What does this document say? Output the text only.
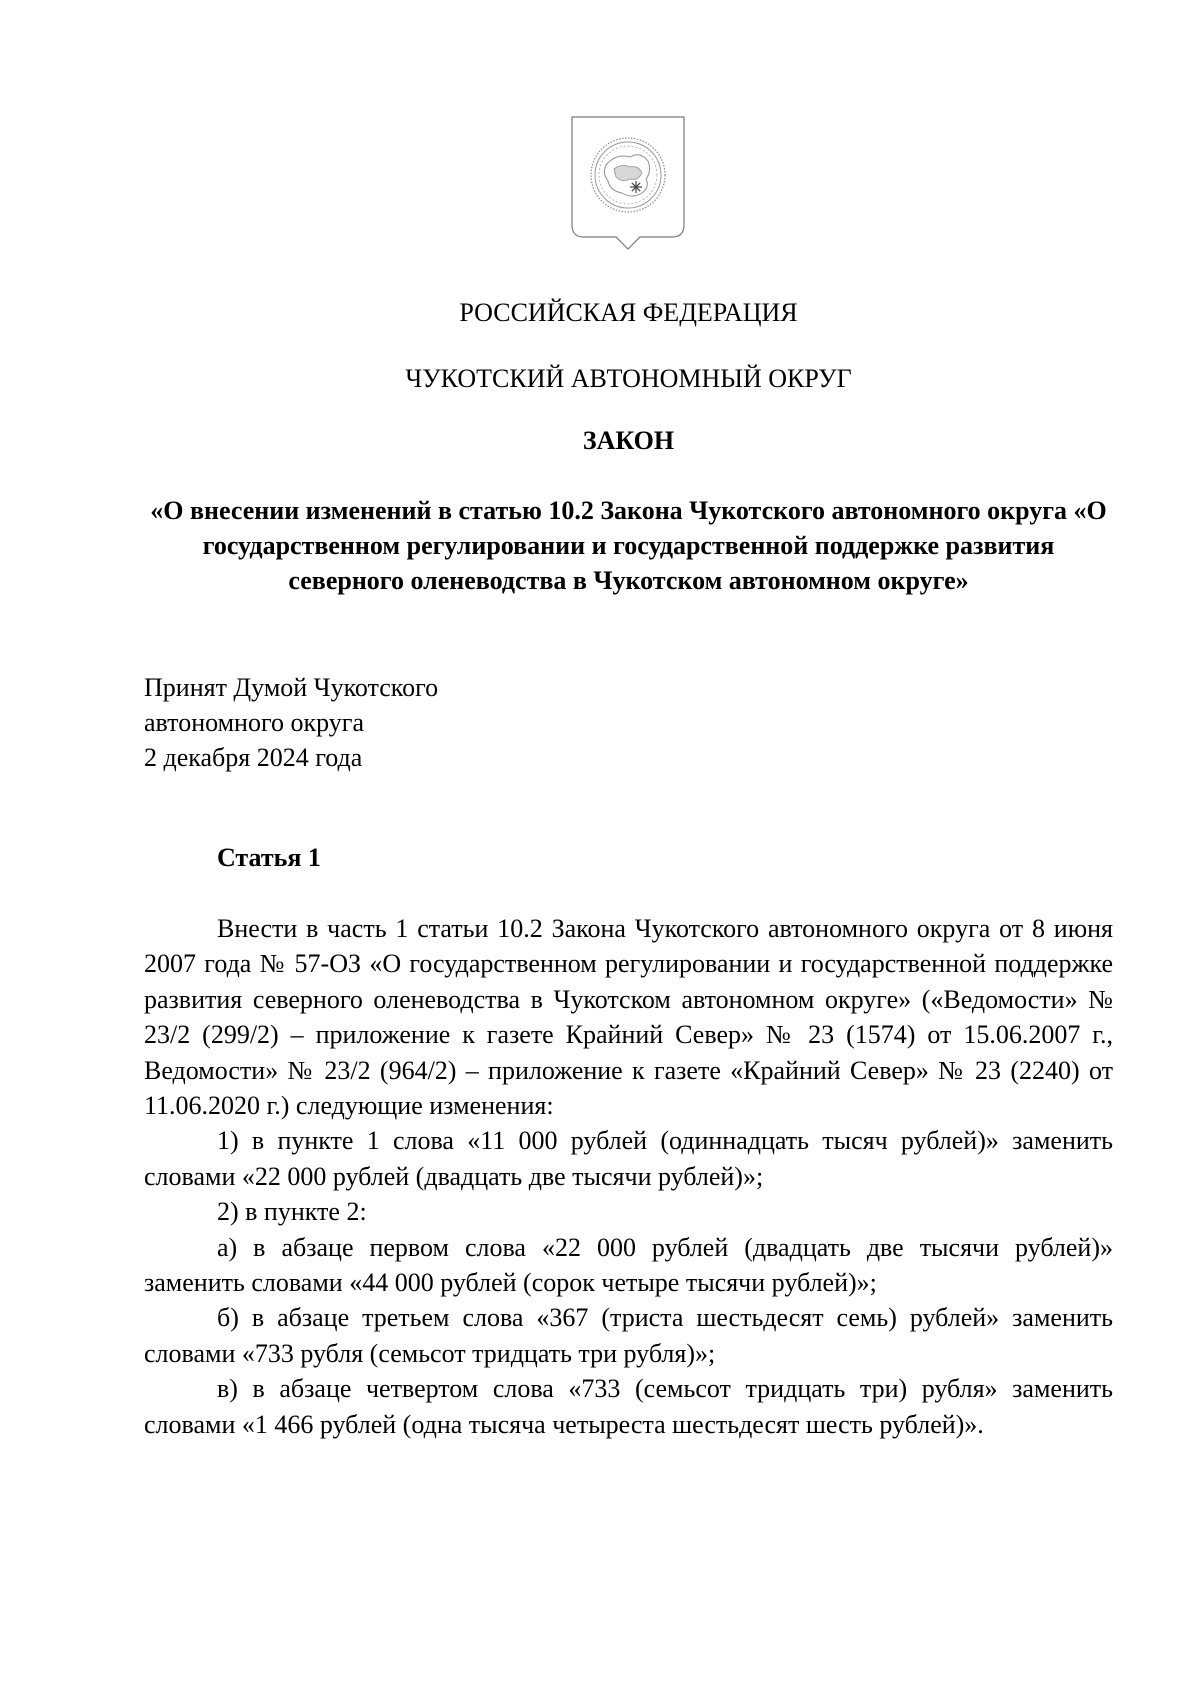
РОССИЙСКАЯ ФЕДЕРАЦИЯ
ЧУКОТСКИЙ АВТОНОМНЫЙ ОКРУГ
ЗАКОН
«О внесении изменений в статью 10.2 Закона Чукотского автономного округа «О государственном регулировании и государственной поддержке развития северного оленеводства в Чукотском автономном округе»
Принят Думой Чукотского
автономного округа
2 декабря 2024 года
Статья 1

Внести в часть 1 статьи 10.2 Закона Чукотского автономного округа от 8 июня 2007 года № 57-ОЗ «О государственном регулировании и государственной поддержке развития северного оленеводства в Чукотском автономном округе» («Ведомости» № 23/2 (299/2) – приложение к газете Крайний Север» № 23 (1574) от 15.06.2007 г., Ведомости» № 23/2 (964/2) – приложение к газете «Крайний Север» № 23 (2240) от 11.06.2020 г.) следующие изменения:

1) в пункте 1 слова «11 000 рублей (одиннадцать тысяч рублей)» заменить словами «22 000 рублей (двадцать две тысячи рублей)»;

2) в пункте 2:

а) в абзаце первом слова «22 000 рублей (двадцать две тысячи рублей)» заменить словами «44 000 рублей (сорок четыре тысячи рублей)»;

б) в абзаце третьем слова «367 (триста шестьдесят семь) рублей» заменить словами «733 рубля (семьсот тридцать три рубля)»;

в) в абзаце четвертом слова «733 (семьсот тридцать три) рубля» заменить словами «1 466 рублей (одна тысяча четыреста шестьдесят шесть рублей)».
